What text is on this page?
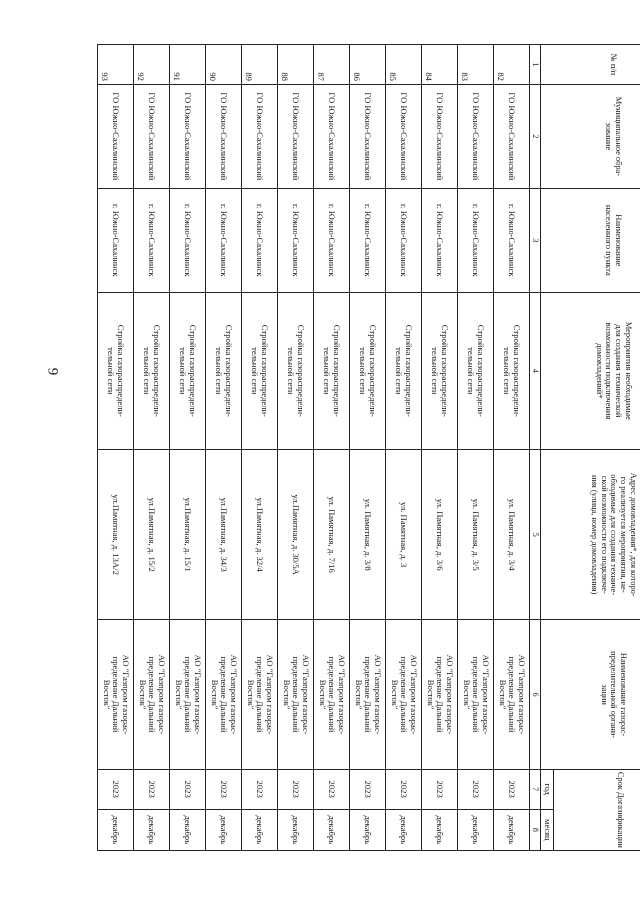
9
№ п/п	Муниципальное обра-
зование	Наименование
населенного пункта	Мероприятия необходимые
для создания технической
возможности подключения
домовладений*	Адрес домовладения*, для которо-
го реализуется мероприятия, не-
обходимые для создания техниче-
ской возможности его подключе-
ния (улица, номер домовладения)	Наименование газорас-
пределительной органи-
зации	Срок Догазификации	
						год	месяц
1	2	3	4	5	6	7	8
82	ГО Южно-Сахалинский	г. Южно-Сахалинск	Стройка газораспредели-
тельной сети	ул. Памятная, д. 3/4	АО "Газпром газорас-
пределение Дальний
Восток"	2023	декабрь
83	ГО Южно-Сахалинский	г. Южно-Сахалинск	Стройка газораспредели-
тельной сети	ул. Памятная, д. 3/5	АО "Газпром газорас-
пределение Дальний
Восток"	2023	декабрь
84	ГО Южно-Сахалинский	г. Южно-Сахалинск	Стройка газораспредели-
тельной сети	ул. Памятная, д. 3/6	АО "Газпром газорас-
пределение Дальний
Восток"	2023	декабрь
85	ГО Южно-Сахалинский	г. Южно-Сахалинск	Стройка газораспредели-
тельной сети	ул. Памятная, д. 3	АО "Газпром газорас-
пределение Дальний
Восток"	2023	декабрь
86	ГО Южно-Сахалинский	г. Южно-Сахалинск	Стройка газораспредели-
тельной сети	ул. Памятная, д. 3/8	АО "Газпром газорас-
пределение Дальний
Восток"	2023	декабрь
87	ГО Южно-Сахалинский	г. Южно-Сахалинск	Стройка газораспредели-
тельной сети	ул. Памятная, д. 7/16	АО "Газпром газорас-
пределение Дальний
Восток"	2023	декабрь
88	ГО Южно-Сахалинский	г. Южно-Сахалинск	Стройка газораспредели-
тельной сети	ул.Памятная, д. 30/5А	АО "Газпром газорас-
пределение Дальний
Восток"	2023	декабрь
89	ГО Южно-Сахалинский	г. Южно-Сахалинск	Стройка газораспредели-
тельной сети	ул.Памятная, д. 32/4	АО "Газпром газорас-
пределение Дальний
Восток"	2023	декабрь
90	ГО Южно-Сахалинский	г. Южно-Сахалинск	Стройка газораспредели-
тельной сети	ул.Памятная, д. 34/3	АО "Газпром газорас-
пределение Дальний
Восток"	2023	декабрь
91	ГО Южно-Сахалинский	г. Южно-Сахалинск	Стройка газораспредели-
тельной сети	ул.Памятная, д. 15/1	АО "Газпром газорас-
пределение Дальний
Восток"	2023	декабрь
92	ГО Южно-Сахалинский	г. Южно-Сахалинск	Стройка газораспредели-
тельной сети	ул.Памятная, д. 15/2	АО "Газпром газорас-
пределение Дальний
Восток"	2023	декабрь
93	ГО Южно-Сахалинский	г. Южно-Сахалинск	Стройка газораспредели-
тельной сети	ул.Памятная, д. 13А/2	АО "Газпром газорас-
пределение Дальний
Восток"	2023	декабрь
